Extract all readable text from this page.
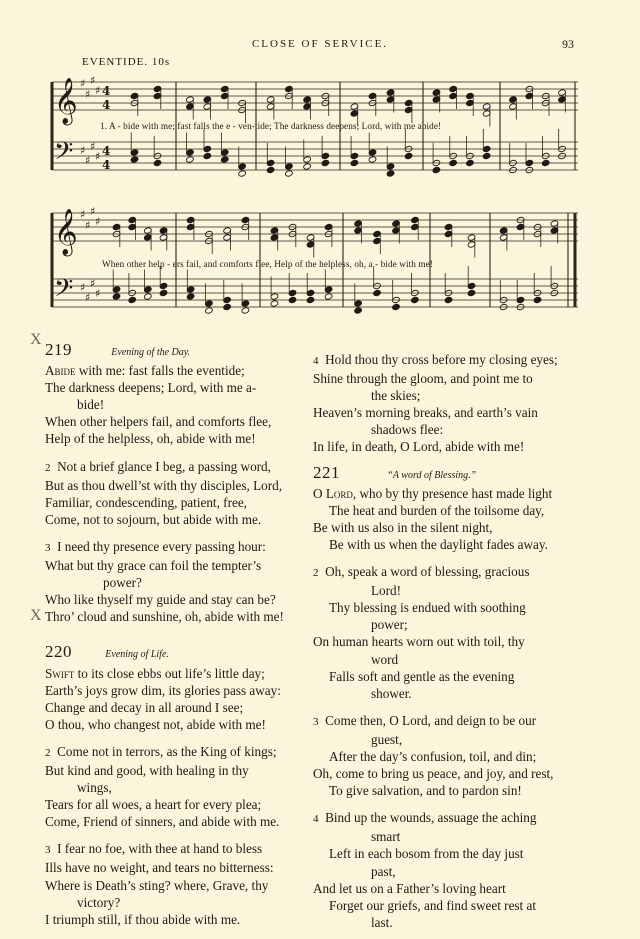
CLOSE OF SERVICE.	93
EVENTIDE. 10s
𝄞
𝄢
♯
♯
♯
♯
♯
♯
♯
♯
4
4
4
4
1. A - bide with me; fast falls the e - ven-tide; The darkness deepens; Lord, with me abide!
𝄞
𝄢
♯
♯
♯
♯
♯
♯
♯
♯
When other help - ers fail, and comforts flee, Help of the helpless, oh, a - bide with me!
X
X
219	Evening of the Day.
Abide with me: fast falls the eventide;
The darkness deepens; Lord, with me a-
bide!
When other helpers fail, and comforts flee,
Help of the helpless, oh, abide with me!
2 Not a brief glance I beg, a passing word,
But as thou dwell’st with thy disciples, Lord,
Familiar, condescending, patient, free,
Come, not to sojourn, but abide with me.
3 I need thy presence every passing hour:
What but thy grace can foil the tempter’s
power?
Who like thyself my guide and stay can be?
Thro’ cloud and sunshine, oh, abide with me!
220	Evening of Life.
Swift to its close ebbs out life’s little day;
Earth’s joys grow dim, its glories pass away:
Change and decay in all around I see;
O thou, who changest not, abide with me!
2 Come not in terrors, as the King of kings;
But kind and good, with healing in thy
wings,
Tears for all woes, a heart for every plea;
Come, Friend of sinners, and abide with me.
3 I fear no foe, with thee at hand to bless
Ills have no weight, and tears no bitterness:
Where is Death’s sting? where, Grave, thy
victory?
I triumph still, if thou abide with me.
4 Hold thou thy cross before my closing eyes;
Shine through the gloom, and point me to
the skies;
Heaven’s morning breaks, and earth’s vain
shadows flee:
In life, in death, O Lord, abide with me!
221	“A word of Blessing.”
O Lord, who by thy presence hast made light
The heat and burden of the toilsome day,
Be with us also in the silent night,
Be with us when the daylight fades away.
2 Oh, speak a word of blessing, gracious
Lord!
Thy blessing is endued with soothing
power;
On human hearts worn out with toil, thy
word
Falls soft and gentle as the evening
shower.
3 Come then, O Lord, and deign to be our
guest,
After the day’s confusion, toil, and din;
Oh, come to bring us peace, and joy, and rest,
To give salvation, and to pardon sin!
4 Bind up the wounds, assuage the aching
smart
Left in each bosom from the day just
past,
And let us on a Father’s loving heart
Forget our griefs, and find sweet rest at
last.
